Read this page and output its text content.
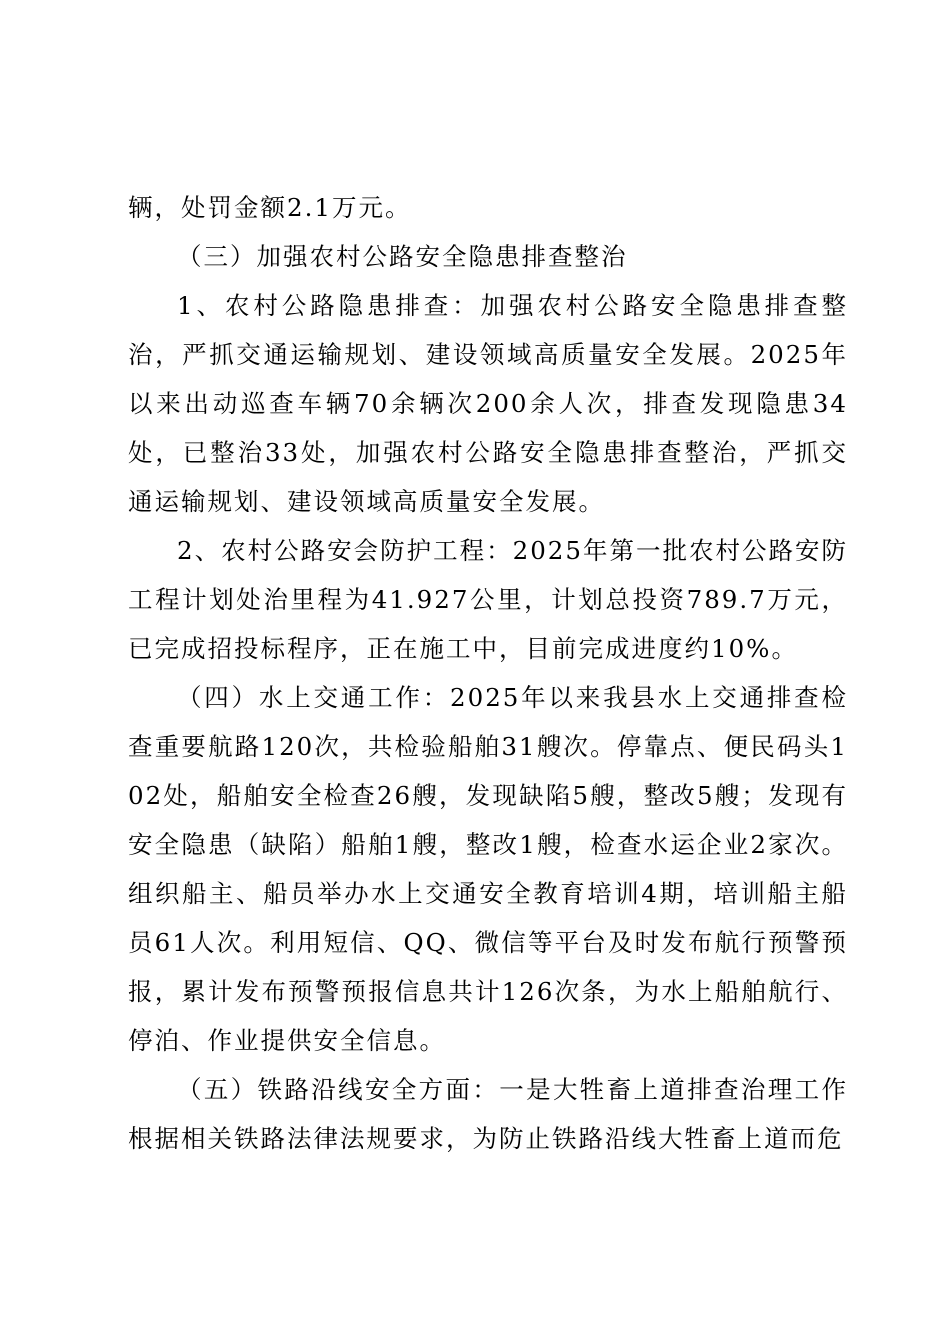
辆，处罚金额2.1万元。

（三）加强农村公路安全隐患排查整治

1、农村公路隐患排查：加强农村公路安全隐患排查整治，严抓交通运输规划、建设领域高质量安全发展。2025年以来出动巡查车辆70余辆次200余人次，排查发现隐患34处，已整治33处，加强农村公路安全隐患排查整治，严抓交通运输规划、建设领域高质量安全发展。

2、农村公路安会防护工程：2025年第一批农村公路安防工程计划处治里程为41.927公里，计划总投资789.7万元，已完成招投标程序，正在施工中，目前完成进度约10%。

（四）水上交通工作：2025年以来我县水上交通排查检查重要航路120次，共检验船舶31艘次。停靠点、便民码头102处，船舶安全检查26艘，发现缺陷5艘，整改5艘；发现有安全隐患（缺陷）船舶1艘，整改1艘，检查水运企业2家次。组织船主、船员举办水上交通安全教育培训4期，培训船主船员61人次。利用短信、QQ、微信等平台及时发布航行预警预报，累计发布预警预报信息共计126次条，为水上船舶航行、停泊、作业提供安全信息。

（五）铁路沿线安全方面：一是大牲畜上道排查治理工作根据相关铁路法律法规要求，为防止铁路沿线大牲畜上道而危
